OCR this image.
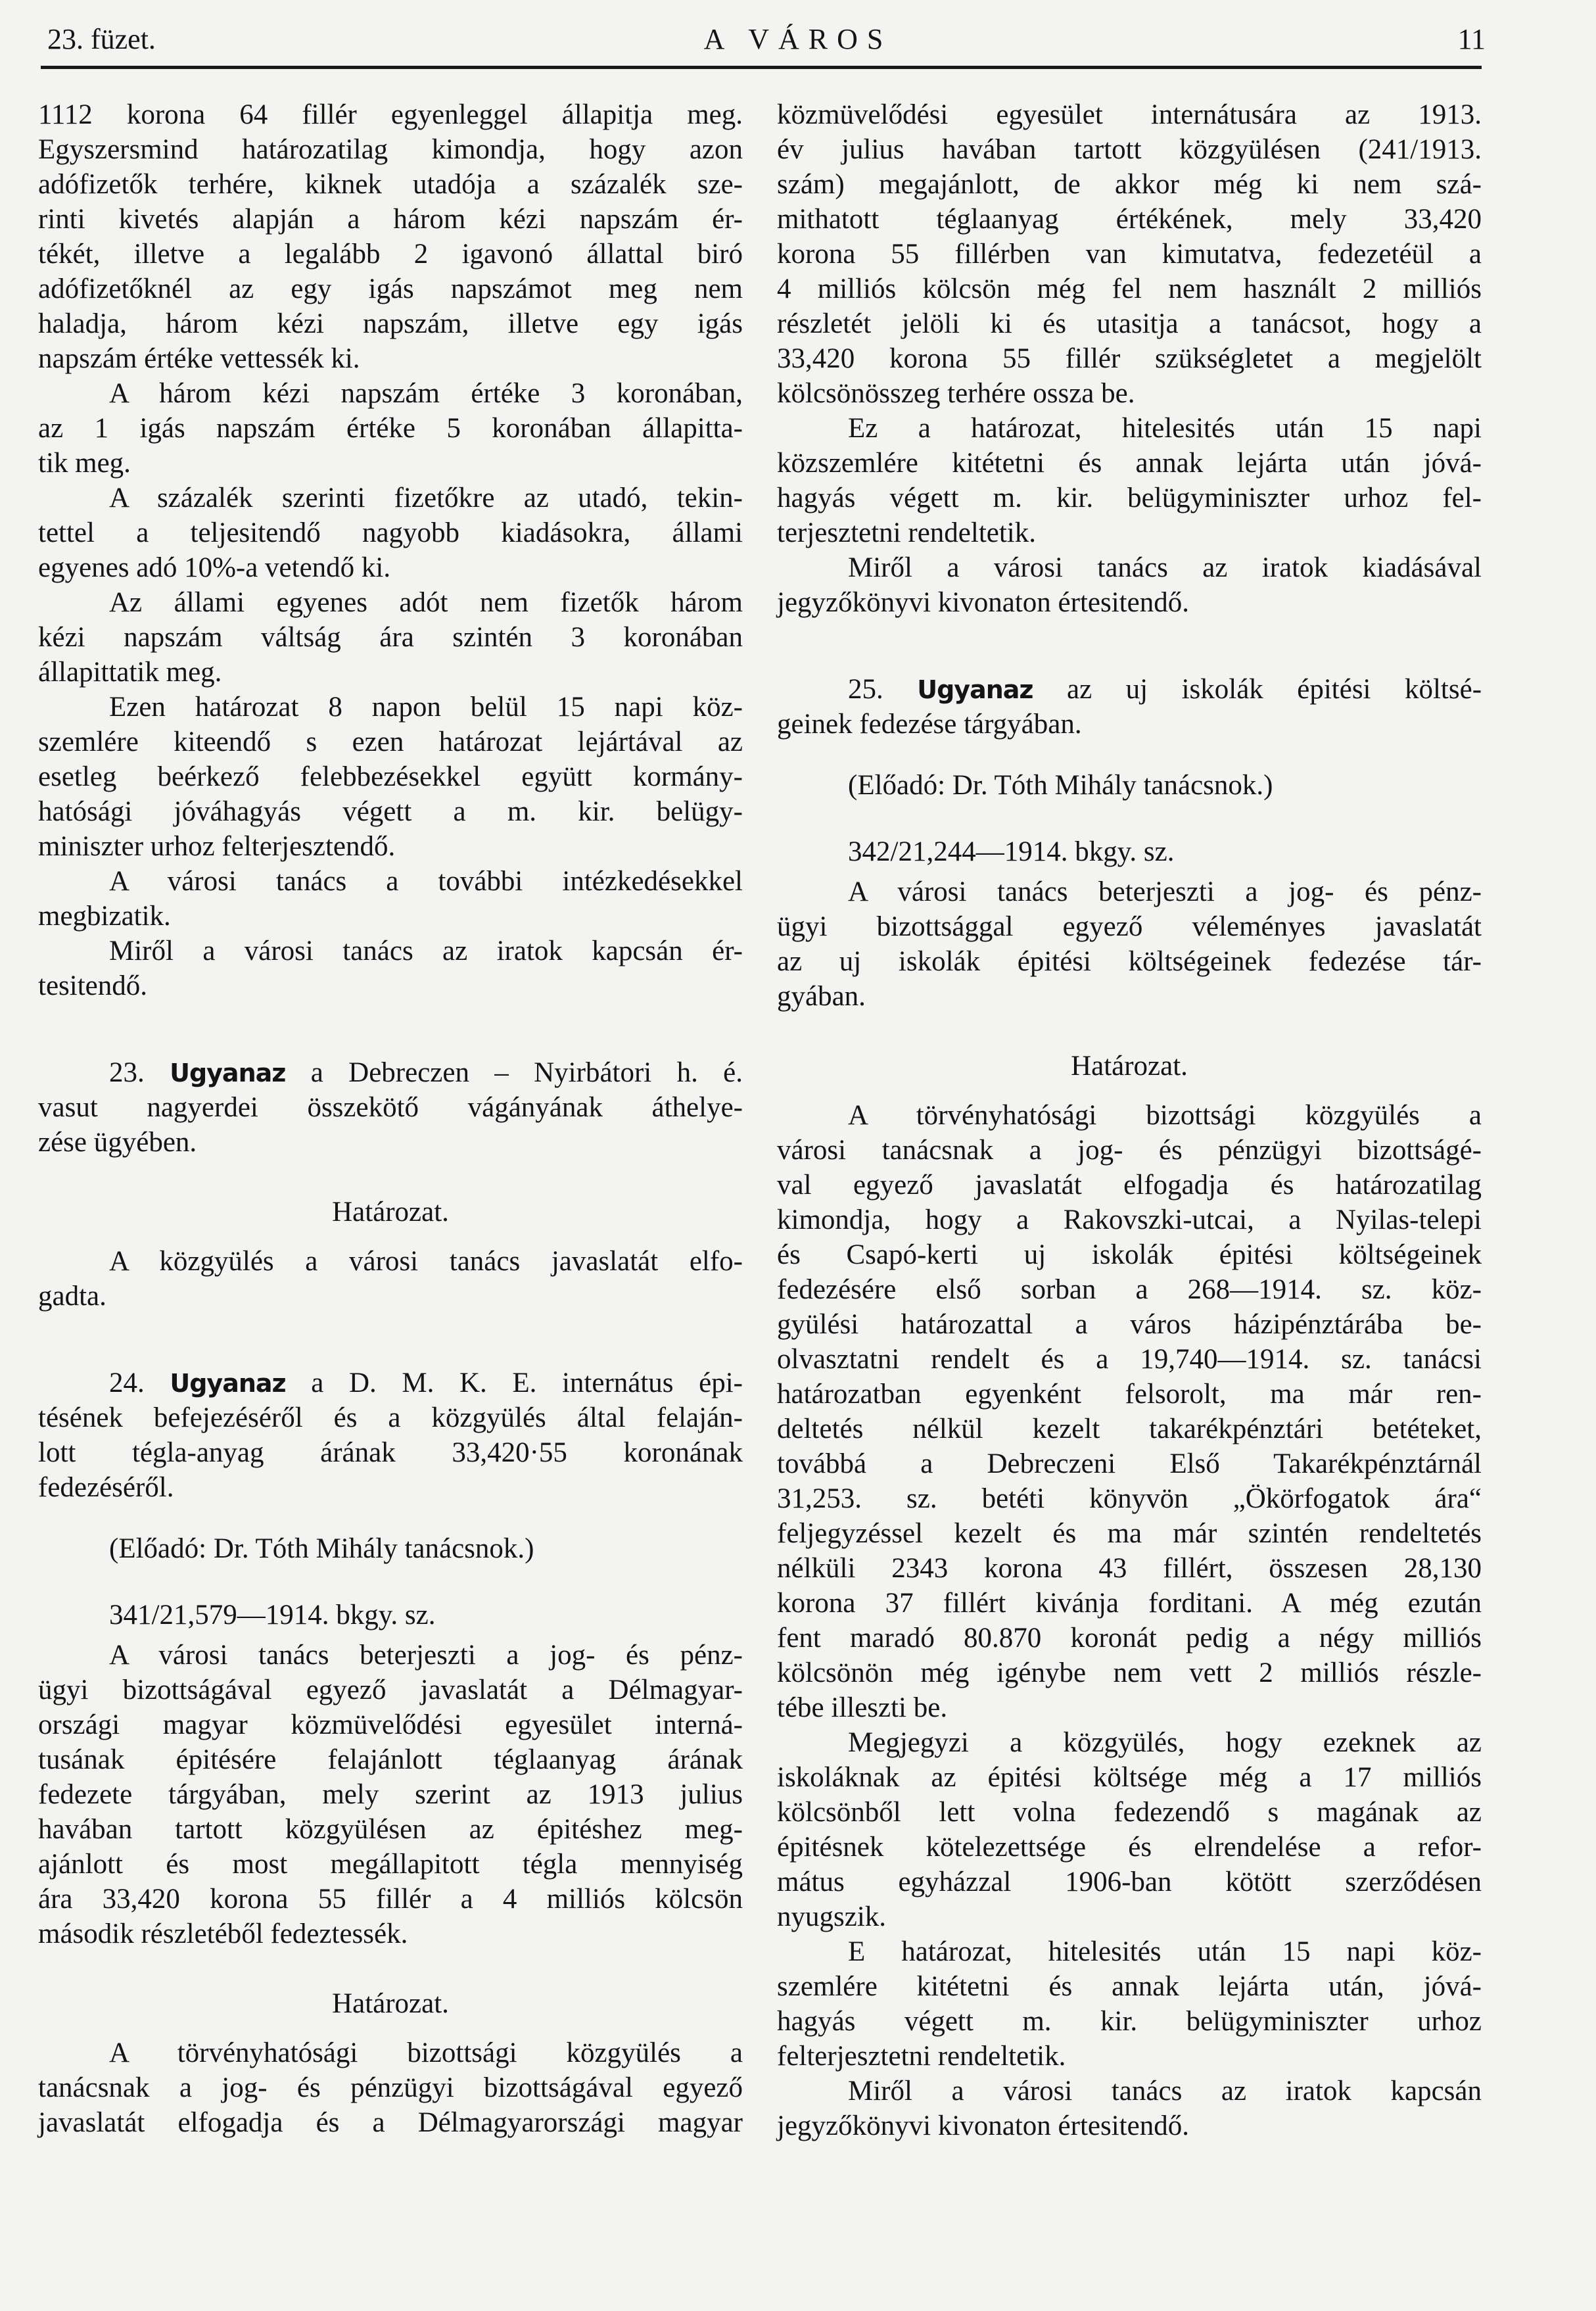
23. füzet.	A VÁROS	11
1112 korona 64 fillér egyenleggel állapitja meg.
Egyszersmind határozatilag kimondja, hogy azon
adófizetők terhére, kiknek utadója a százalék sze-
rinti kivetés alapján a három kézi napszám ér-
tékét, illetve a legalább 2 igavonó állattal biró
adófizetőknél az egy igás napszámot meg nem
haladja, három kézi napszám, illetve egy igás
napszám értéke vettessék ki.
A három kézi napszám értéke 3 koronában,
az 1 igás napszám értéke 5 koronában állapitta-
tik meg.
A százalék szerinti fizetőkre az utadó, tekin-
tettel a teljesitendő nagyobb kiadásokra, állami
egyenes adó 10%-a vetendő ki.
Az állami egyenes adót nem fizetők három
kézi napszám váltság ára szintén 3 koronában
állapittatik meg.
Ezen határozat 8 napon belül 15 napi köz-
szemlére kiteendő s ezen határozat lejártával az
esetleg beérkező felebbezésekkel együtt kormány-
hatósági jóváhagyás végett a m. kir. belügy-
miniszter urhoz felterjesztendő.
A városi tanács a további intézkedésekkel
megbizatik.
Miről a városi tanács az iratok kapcsán ér-
tesitendő.
23. Ugyanaz a Debreczen – Nyirbátori h. é.
vasut nagyerdei összekötő vágányának áthelye-
zése ügyében.
Határozat.
A közgyülés a városi tanács javaslatát elfo-
gadta.
24. Ugyanaz a D. M. K. E. internátus épi-
tésének befejezéséről és a közgyülés által felaján-
lott tégla-anyag árának 33,420·55 koronának
fedezéséről.
(Előadó: Dr. Tóth Mihály tanácsnok.)
341/21,579—1914. bkgy. sz.
A városi tanács beterjeszti a jog- és pénz-
ügyi bizottságával egyező javaslatát a Délmagyar-
országi magyar közmüvelődési egyesület interná-
tusának épitésére felajánlott téglaanyag árának
fedezete tárgyában, mely szerint az 1913 julius
havában tartott közgyülésen az épitéshez meg-
ajánlott és most megállapitott tégla mennyiség
ára 33,420 korona 55 fillér a 4 milliós kölcsön
második részletéből fedeztessék.
Határozat.
A törvényhatósági bizottsági közgyülés a
tanácsnak a jog- és pénzügyi bizottságával egyező
javaslatát elfogadja és a Délmagyarországi magyar
közmüvelődési egyesület internátusára az 1913.
év julius havában tartott közgyülésen (241/1913.
szám) megajánlott, de akkor még ki nem szá-
mithatott téglaanyag értékének, mely 33,420
korona 55 fillérben van kimutatva, fedezetéül a
4 milliós kölcsön még fel nem használt 2 milliós
részletét jelöli ki és utasitja a tanácsot, hogy a
33,420 korona 55 fillér szükségletet a megjelölt
kölcsönösszeg terhére ossza be.
Ez a határozat, hitelesités után 15 napi
közszemlére kitétetni és annak lejárta után jóvá-
hagyás végett m. kir. belügyminiszter urhoz fel-
terjesztetni rendeltetik.
Miről a városi tanács az iratok kiadásával
jegyzőkönyvi kivonaton értesitendő.
25. Ugyanaz az uj iskolák épitési költsé-
geinek fedezése tárgyában.
(Előadó: Dr. Tóth Mihály tanácsnok.)
342/21,244—1914. bkgy. sz.
A városi tanács beterjeszti a jog- és pénz-
ügyi bizottsággal egyező véleményes javaslatát
az uj iskolák épitési költségeinek fedezése tár-
gyában.
Határozat.
A törvényhatósági bizottsági közgyülés a
városi tanácsnak a jog- és pénzügyi bizottságé-
val egyező javaslatát elfogadja és határozatilag
kimondja, hogy a Rakovszki-utcai, a Nyilas-telepi
és Csapó-kerti uj iskolák épitési költségeinek
fedezésére első sorban a 268—1914. sz. köz-
gyülési határozattal a város házipénztárába be-
olvasztatni rendelt és a 19,740—1914. sz. tanácsi
határozatban egyenként felsorolt, ma már ren-
deltetés nélkül kezelt takarékpénztári betéteket,
továbbá a Debreczeni Első Takarékpénztárnál
31,253. sz. betéti könyvön „Ökörfogatok ára“
feljegyzéssel kezelt és ma már szintén rendeltetés
nélküli 2343 korona 43 fillért, összesen 28,130
korona 37 fillért kivánja forditani. A még ezután
fent maradó 80.870 koronát pedig a négy milliós
kölcsönön még igénybe nem vett 2 milliós részle-
tébe illeszti be.
Megjegyzi a közgyülés, hogy ezeknek az
iskoláknak az épitési költsége még a 17 milliós
kölcsönből lett volna fedezendő s magának az
épitésnek kötelezettsége és elrendelése a refor-
mátus egyházzal 1906-ban kötött szerződésen
nyugszik.
E határozat, hitelesités után 15 napi köz-
szemlére kitétetni és annak lejárta után, jóvá-
hagyás végett m. kir. belügyminiszter urhoz
felterjesztetni rendeltetik.
Miről a városi tanács az iratok kapcsán
jegyzőkönyvi kivonaton értesitendő.
